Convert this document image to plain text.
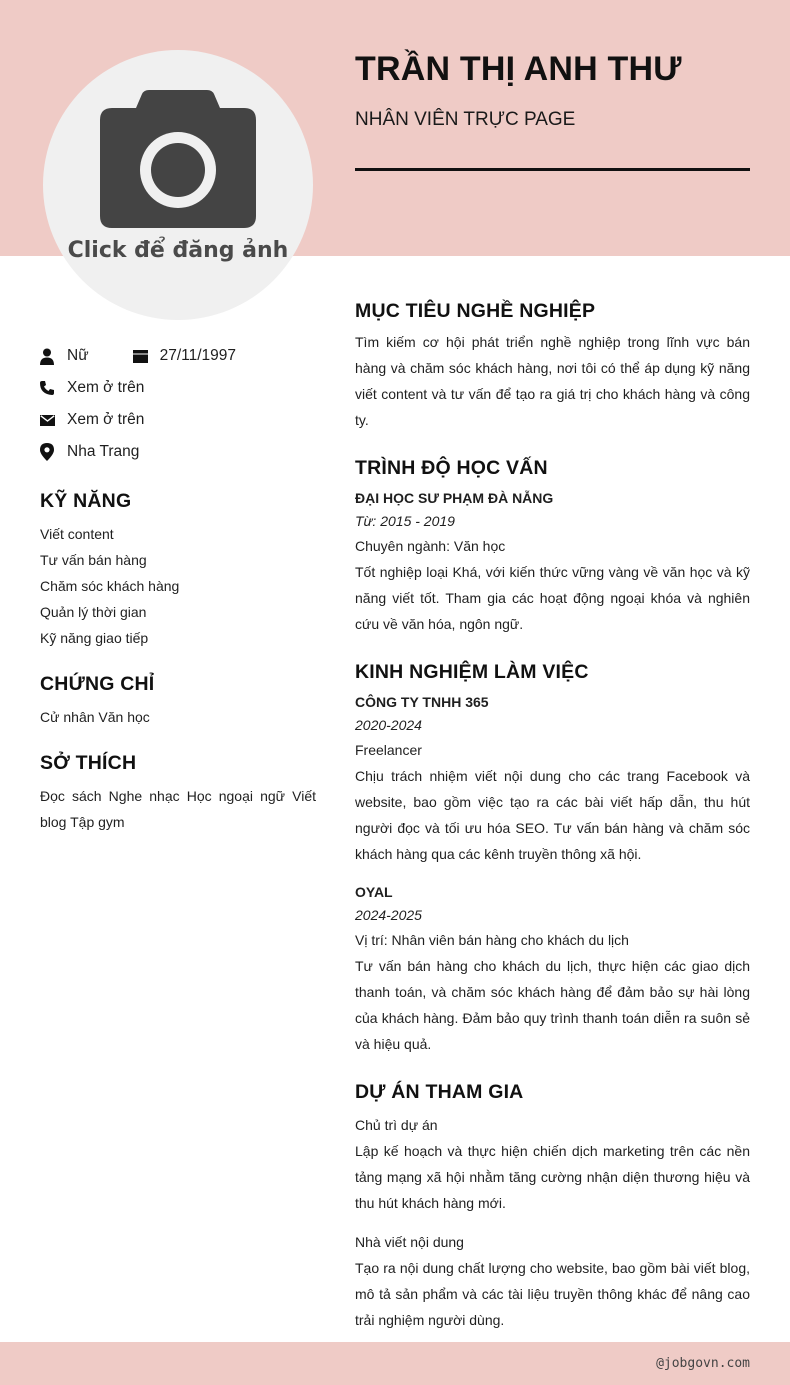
Click để đăng ảnh
TRẦN THỊ ANH THƯ
NHÂN VIÊN TRỰC PAGE
Nữ	27/11/1997
Xem ở trên
Xem ở trên
Nha Trang
KỸ NĂNG
Viết content
Tư vấn bán hàng
Chăm sóc khách hàng
Quản lý thời gian
Kỹ năng giao tiếp
CHỨNG CHỈ
Cử nhân Văn học
SỞ THÍCH
Đọc sách Nghe nhạc Học ngoại ngữ Viết blog Tập gym
MỤC TIÊU NGHỀ NGHIỆP
Tìm kiếm cơ hội phát triển nghề nghiệp trong lĩnh vực bán hàng và chăm sóc khách hàng, nơi tôi có thể áp dụng kỹ năng viết content và tư vấn để tạo ra giá trị cho khách hàng và công ty.
TRÌNH ĐỘ HỌC VẤN
ĐẠI HỌC SƯ PHẠM ĐÀ NẴNG
Từ: 2015 - 2019
Chuyên ngành: Văn học
Tốt nghiệp loại Khá, với kiến thức vững vàng về văn học và kỹ năng viết tốt. Tham gia các hoạt động ngoại khóa và nghiên cứu về văn hóa, ngôn ngữ.
KINH NGHIỆM LÀM VIỆC
CÔNG TY TNHH 365
2020-2024
Freelancer
Chịu trách nhiệm viết nội dung cho các trang Facebook và website, bao gồm việc tạo ra các bài viết hấp dẫn, thu hút người đọc và tối ưu hóa SEO. Tư vấn bán hàng và chăm sóc khách hàng qua các kênh truyền thông xã hội.
OYAL
2024-2025
Vị trí: Nhân viên bán hàng cho khách du lịch
Tư vấn bán hàng cho khách du lịch, thực hiện các giao dịch thanh toán, và chăm sóc khách hàng để đảm bảo sự hài lòng của khách hàng. Đảm bảo quy trình thanh toán diễn ra suôn sẻ và hiệu quả.
DỰ ÁN THAM GIA
Chủ trì dự án
Lập kế hoạch và thực hiện chiến dịch marketing trên các nền tảng mạng xã hội nhằm tăng cường nhận diện thương hiệu và thu hút khách hàng mới.
Nhà viết nội dung
Tạo ra nội dung chất lượng cho website, bao gồm bài viết blog, mô tả sản phẩm và các tài liệu truyền thông khác để nâng cao trải nghiệm người dùng.
@jobgovn.com
